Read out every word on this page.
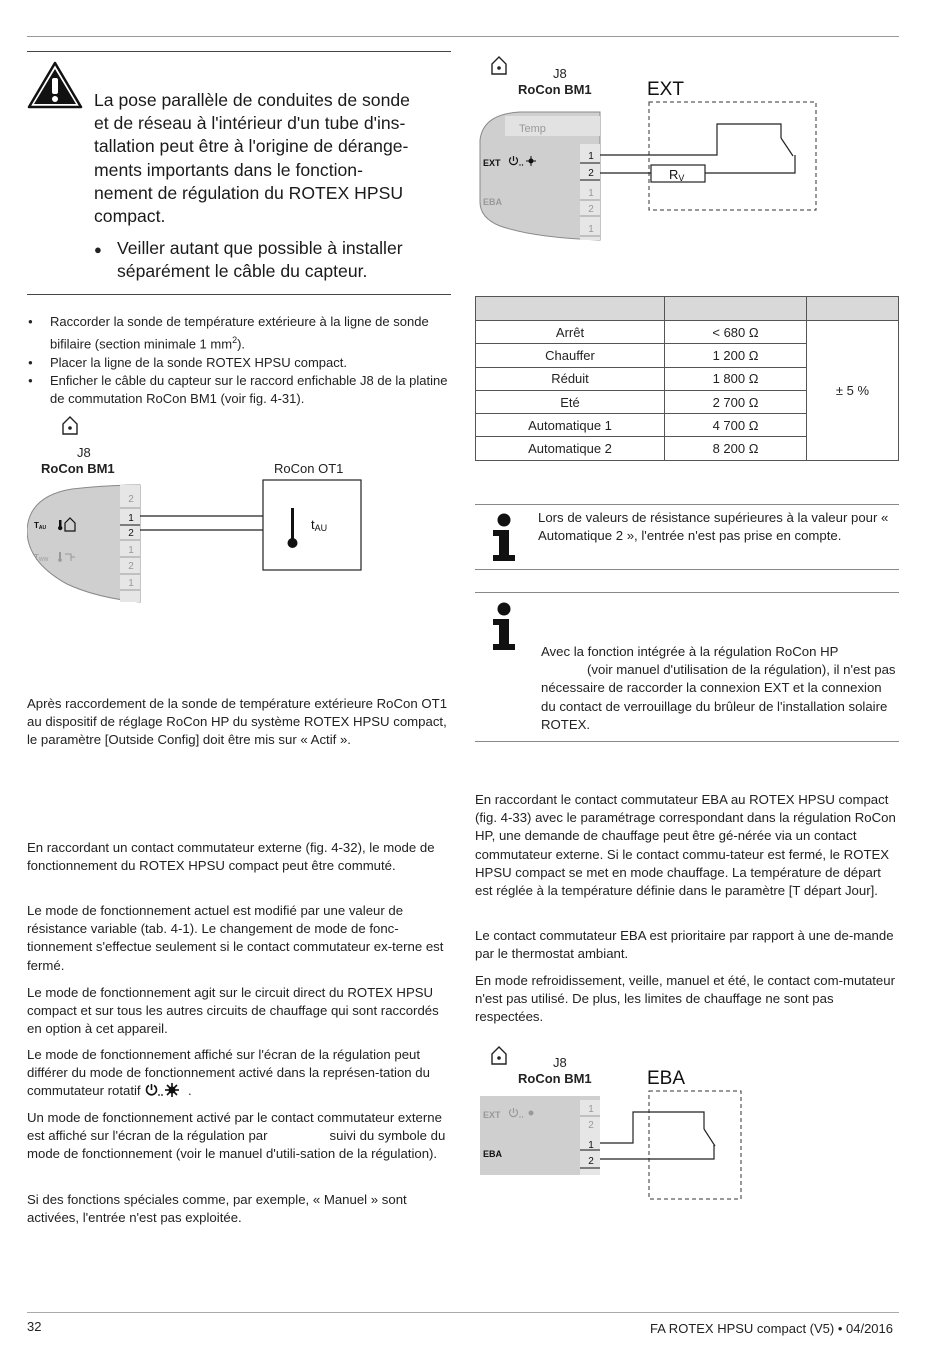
La pose parallèle de conduites de sonde
et de réseau à l'intérieur d'un tube d'ins-
tallation peut être à l'origine de dérange-
ments importants dans le fonction-
nement de régulation du ROTEX HPSU
compact.
● Veiller autant que possible à installer
séparément le câble du capteur.
● Raccorder la sonde de température extérieure à la ligne de sonde bifilaire (section minimale 1 $mm^2$).
● Placer la ligne de la sonde ROTEX HPSU compact.
● Enficher le câble du capteur sur le raccord enfichable J8 de la platine de commutation RoCon BM1 (voir fig. 4-31).
J8
RoCon BM1	RoCon OT1
2
1
2
1
2
1
TAU
TWW
tAU
Après raccordement de la sonde de température extérieure RoCon OT1 au dispositif de réglage RoCon HP du système ROTEX HPSU compact, le paramètre [Outside Config] doit être mis sur « Actif ».
En raccordant un contact commutateur externe (fig. 4-32), le mode de fonctionnement du ROTEX HPSU compact peut être commuté.
Le mode de fonctionnement actuel est modifié par une valeur de résistance variable (tab. 4-1). Le changement de mode de fonc-tionnement s'effectue seulement si le contact commutateur ex-terne est fermé.
Le mode de fonctionnement agit sur le circuit direct du ROTEX HPSU compact et sur tous les autres circuits de chauffage qui sont raccordés en option à cet appareil.
Le mode de fonctionnement affiché sur l'écran de la régulation peut différer du mode de fonctionnement activé dans la représen-tation du commutateur rotatif	.
Un mode de fonctionnement activé par le contact commutateur externe est affiché sur l'écran de la régulation par	suivi du symbole du mode de fonctionnement (voir le manuel d'utili-sation de la régulation).
Si des fonctions spéciales comme, par exemple, « Manuel » sont activées, l'entrée n'est pas exploitée.
J8
RoCon BM1	EXT
Temp
EXT
EBA
1
2
1
2
1
RV

Arrêt	< 680 Ω	± 5 %
Chauffer	1 200 Ω	
Réduit	1 800 Ω	
Eté	2 700 Ω	
Automatique 1	4 700 Ω	
Automatique 2	8 200 Ω	
Lors de valeurs de résistance supérieures à la valeur pour « Automatique 2 », l'entrée n'est pas prise en compte.
Avec la fonction intégrée à la régulation RoCon HP
(voir manuel d'utilisation de la régulation), il n'est pas nécessaire de raccorder la connexion EXT et la connexion du contact de verrouillage du brûleur de l'installation solaire ROTEX.
En raccordant le contact commutateur EBA au ROTEX HPSU compact (fig. 4-33) avec le paramétrage correspondant dans la régulation RoCon HP, une demande de chauffage peut être gé-nérée via un contact commutateur externe. Si le contact commu-tateur est fermé, le ROTEX HPSU compact se met en mode chauffage. La température de départ est réglée à la température définie dans le paramètre [T départ Jour].
Le contact commutateur EBA est prioritaire par rapport à une de-mande par le thermostat ambiant.
En mode refroidissement, veille, manuel et été, le contact com-mutateur n'est pas utilisé. De plus, les limites de chauffage ne sont pas respectées.
J8
RoCon BM1	EBA
EXT
EBA
1
2
1
2
32	FA ROTEX HPSU compact (V5) • 04/2016
